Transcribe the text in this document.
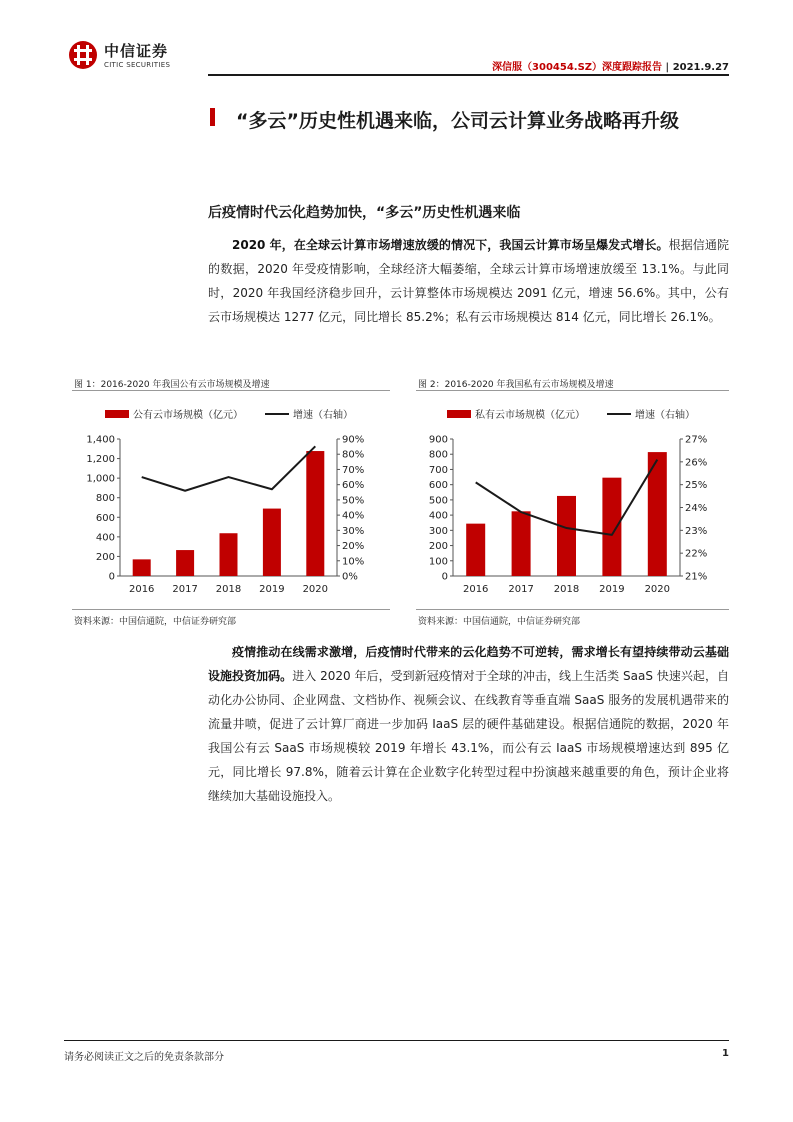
中信证券
CITIC SECURITIES	深信服（300454.SZ）深度跟踪报告 | 2021.9.27
“多云”历史性机遇来临，公司云计算业务战略再升级
后疫情时代云化趋势加快，“多云”历史性机遇来临
2020 年，在全球云计算市场增速放缓的情况下，我国云计算市场呈爆发式增长。根据信通院的数据，2020 年受疫情影响，全球经济大幅萎缩，全球云计算市场增速放缓至 13.1%。与此同时，2020 年我国经济稳步回升，云计算整体市场规模达 2091 亿元，增速 56.6%。其中，公有云市场规模达 1277 亿元，同比增长 85.2%；私有云市场规模达 814 亿元，同比增长 26.1%。
图 1：2016-2020 年我国公有云市场规模及增速
公有云市场规模（亿元）	增速（右轴）
0
200
400
600
800
1,000
1,200
1,400
0%
10%
20%
30%
40%
50%
60%
70%
80%
90%
2016 2017 2018 2019 2020
资料来源：中国信通院，中信证券研究部
图 2：2016-2020 年我国私有云市场规模及增速
私有云市场规模（亿元）	增速（右轴）
0
100
200
300
400
500
600
700
800
900
21%
22%
23%
24%
25%
26%
27%
2016 2017 2018 2019 2020
资料来源：中国信通院，中信证券研究部
疫情推动在线需求激增，后疫情时代带来的云化趋势不可逆转，需求增长有望持续带动云基础设施投资加码。进入 2020 年后，受到新冠疫情对于全球的冲击，线上生活类 SaaS 快速兴起，自动化办公协同、企业网盘、文档协作、视频会议、在线教育等垂直端 SaaS 服务的发展机遇带来的流量井喷，促进了云计算厂商进一步加码 IaaS 层的硬件基础建设。根据信通院的数据，2020 年我国公有云 SaaS 市场规模较 2019 年增长 43.1%，而公有云 IaaS 市场规模增速达到 895 亿元，同比增长 97.8%，随着云计算在企业数字化转型过程中扮演越来越重要的角色，预计企业将继续加大基础设施投入。
请务必阅读正文之后的免责条款部分	1
